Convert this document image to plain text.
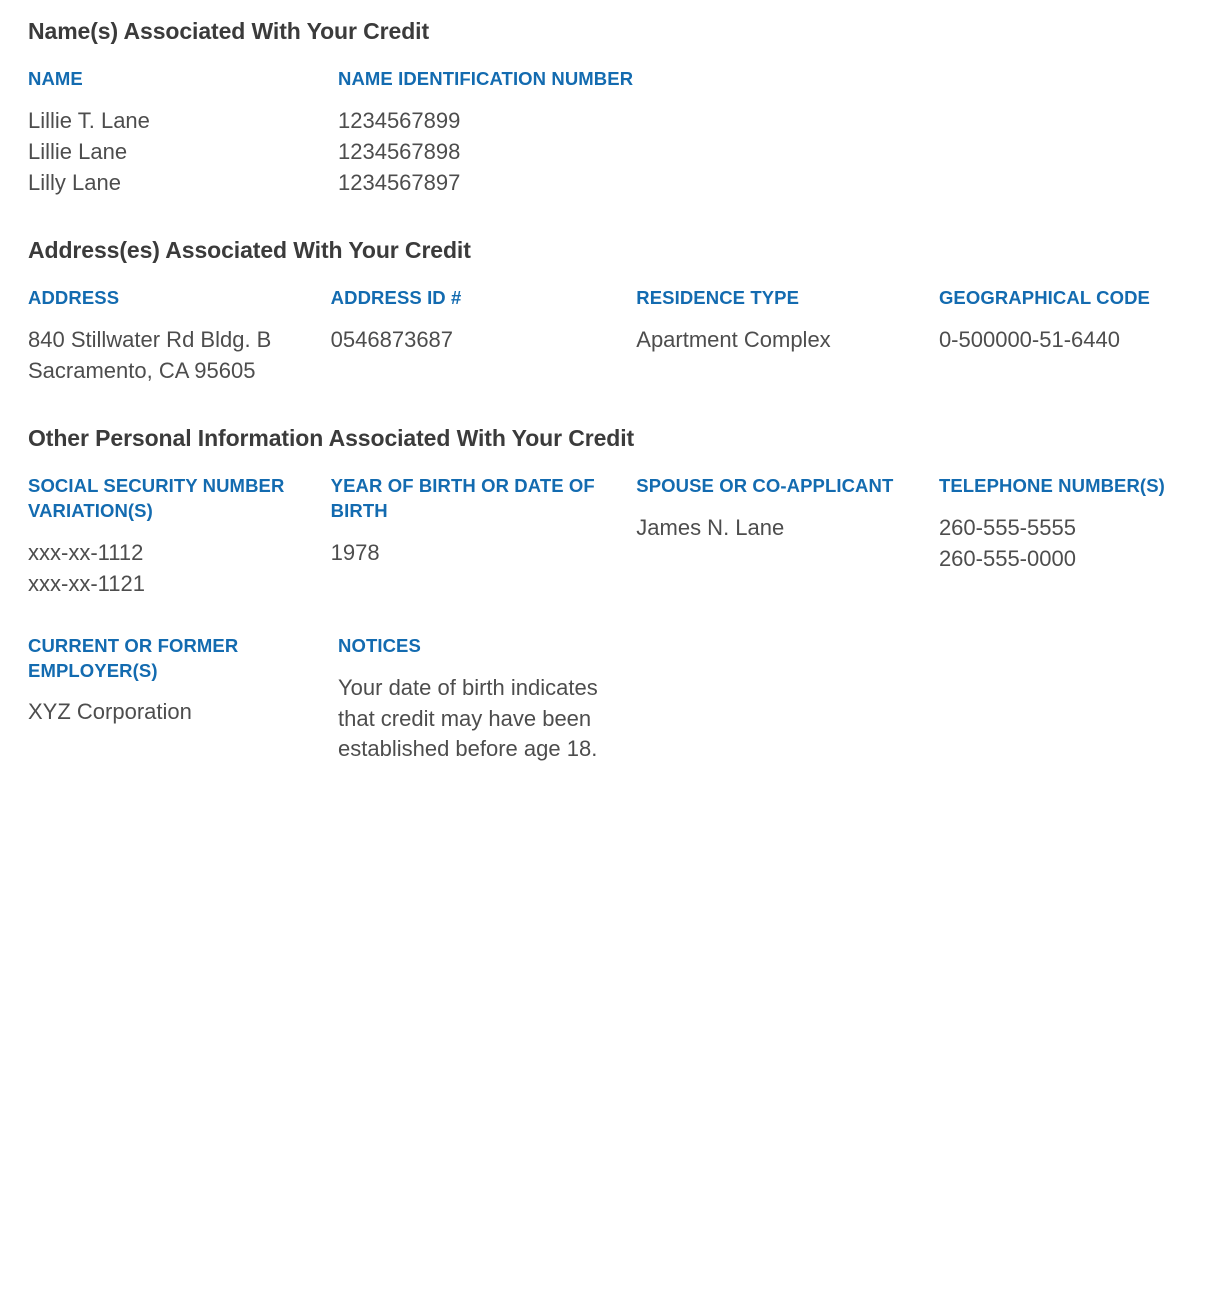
Name(s) Associated With Your Credit
NAME
Lillie T. Lane
Lillie Lane
Lilly Lane
NAME IDENTIFICATION NUMBER
1234567899
1234567898
1234567897
Address(es) Associated With Your Credit
ADDRESS
840 Stillwater Rd Bldg. B
Sacramento, CA 95605
ADDRESS ID #
0546873687
RESIDENCE TYPE
Apartment Complex
GEOGRAPHICAL CODE
0-500000-51-6440
Other Personal Information Associated With Your Credit
SOCIAL SECURITY NUMBER VARIATION(S)
xxx-xx-1112
xxx-xx-1121
YEAR OF BIRTH OR DATE OF BIRTH
1978
SPOUSE OR CO-APPLICANT
James N. Lane
TELEPHONE NUMBER(S)
260-555-5555
260-555-0000
CURRENT OR FORMER EMPLOYER(S)
XYZ Corporation
NOTICES
Your date of birth indicates that credit may have been established before age 18.
